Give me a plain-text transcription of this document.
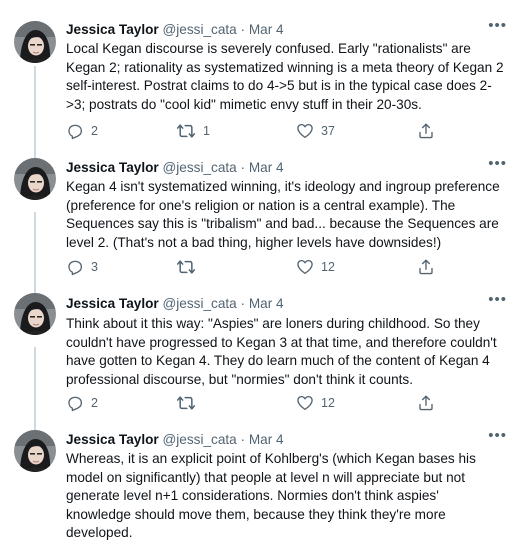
Jessica Taylor @jessi_cata · Mar 4	•••
Local Kegan discourse is severely confused. Early "rationalists" are Kegan 2; rationality as systematized winning is a meta theory of Kegan 2 self-interest. Postrat claims to do 4->5 but is in the typical case does 2->3; postrats do "cool kid" mimetic envy stuff in their 20-30s.
2	1	37
Jessica Taylor @jessi_cata · Mar 4	•••
Kegan 4 isn't systematized winning, it's ideology and ingroup preference (preference for one's religion or nation is a central example). The Sequences say this is "tribalism" and bad... because the Sequences are level 2. (That's not a bad thing, higher levels have downsides!)
3	12
Jessica Taylor @jessi_cata · Mar 4	•••
Think about it this way: "Aspies" are loners during childhood. So they couldn't have progressed to Kegan 3 at that time, and therefore couldn't have gotten to Kegan 4. They do learn much of the content of Kegan 4 professional discourse, but "normies" don't think it counts.
2	12
Jessica Taylor @jessi_cata · Mar 4	•••
Whereas, it is an explicit point of Kohlberg's (which Kegan bases his model on significantly) that people at level n will appreciate but not generate level n+1 considerations. Normies don't think aspies' knowledge should move them, because they think they're more developed.
